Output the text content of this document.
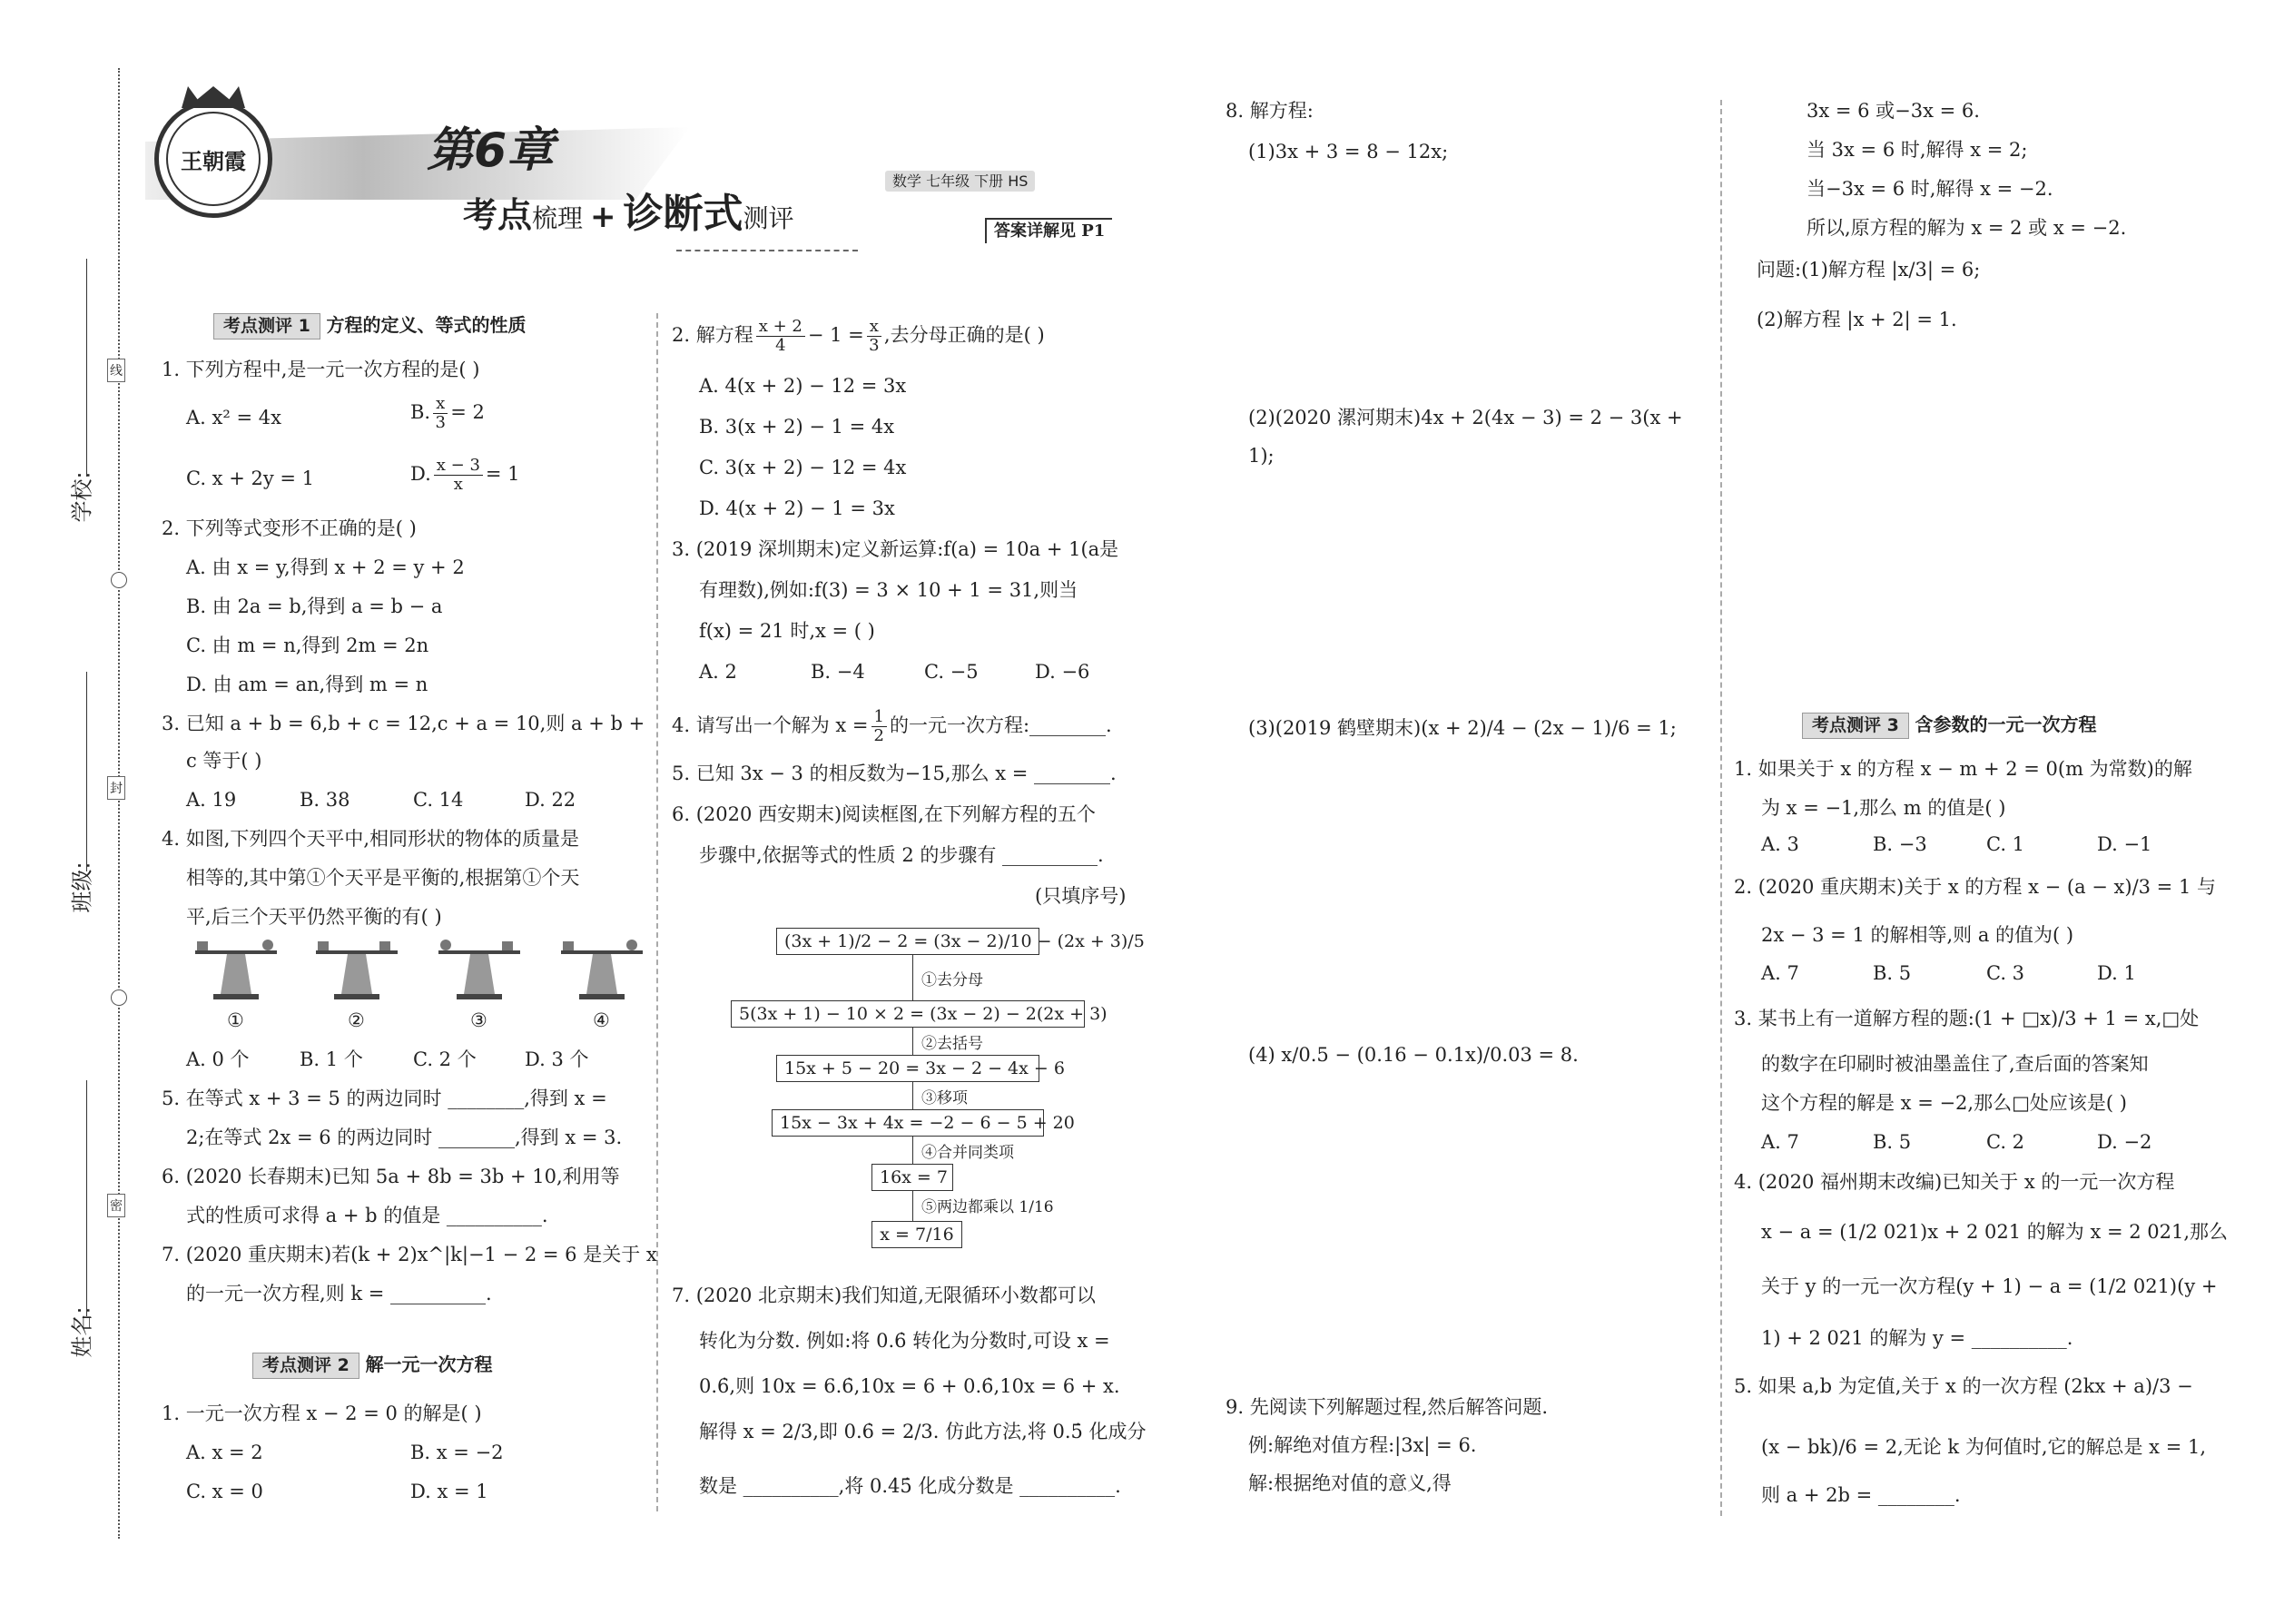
学校:
班级:
姓名:
线
封
密
王朝霞	第6章
考点梳理 + 诊断式测评
数学 七年级 下册 HS
答案详解见 P1
考点测评 1 方程的定义、等式的性质
1. 下列方程中,是一元一次方程的是( )
A. x² = 4x	B. $\frac{x}{3} = 2$
C. x + 2y = 1	D. $\frac{x - 3}{x} = 1$
2. 下列等式变形不正确的是( )
A. 由 x = y,得到 x + 2 = y + 2
B. 由 2a = b,得到 a = b − a
C. 由 m = n,得到 2m = 2n
D. 由 am = an,得到 m = n
3. 已知 a + b = 6,b + c = 12,c + a = 10,则 a + b +
c 等于( )
A. 19	B. 38	C. 14	D. 22
4. 如图,下列四个天平中,相同形状的物体的质量是
相等的,其中第①个天平是平衡的,根据第①个天
平,后三个天平仍然平衡的有( )
①	②	③	④
A. 0 个	B. 1 个	C. 2 个	D. 3 个
5. 在等式 x + 3 = 5 的两边同时 ________,得到 x =
2;在等式 2x = 6 的两边同时 ________,得到 x = 3.
6. (2020 长春期末)已知 5a + 8b = 3b + 10,利用等
式的性质可求得 a + b 的值是 __________.
7. (2020 重庆期末)若(k + 2)x^|k|−1 − 2 = 6 是关于 x
的一元一次方程,则 k = __________.
考点测评 2 解一元一次方程
1. 一元一次方程 x − 2 = 0 的解是( )
A. x = 2	B. x = −2
C. x = 0	D. x = 1
2. 解方程 $\frac{x + 2}{4} - 1 = \frac{x}{3}$ ,去分母正确的是( )
A. 4(x + 2) − 12 = 3x
B. 3(x + 2) − 1 = 4x
C. 3(x + 2) − 12 = 4x
D. 4(x + 2) − 1 = 3x
3. (2019 深圳期末)定义新运算:f(a) = 10a + 1(a是
有理数),例如:f(3) = 3 × 10 + 1 = 31,则当
f(x) = 21 时,x = ( )
A. 2	B. −4	C. −5	D. −6
4. 请写出一个解为 $x = \frac{1}{2}$ 的一元一次方程:________.
5. 已知 3x − 3 的相反数为−15,那么 x = ________.
6. (2020 西安期末)阅读框图,在下列解方程的五个
步骤中,依据等式的性质 2 的步骤有 __________.
(只填序号)
(3x + 1)/2 − 2 = (3x − 2)/10 − (2x + 3)/5
①去分母
5(3x + 1) − 10 × 2 = (3x − 2) − 2(2x + 3)
②去括号
15x + 5 − 20 = 3x − 2 − 4x − 6
③移项
15x − 3x + 4x = −2 − 6 − 5 + 20
④合并同类项
16x = 7
⑤两边都乘以 1/16
x = 7/16
7. (2020 北京期末)我们知道,无限循环小数都可以
转化为分数. 例如:将 0.6̇ 转化为分数时,可设 x =
0.6̇,则 10x = 6.6̇,10x = 6 + 0.6̇,10x = 6 + x.
解得 x = 2/3,即 0.6̇ = 2/3. 仿此方法,将 0.5̇ 化成分
数是 __________,将 0.4̇5̇ 化成分数是 __________.
8. 解方程:
(1)3x + 3 = 8 − 12x;
(2)(2020 漯河期末)4x + 2(4x − 3) = 2 − 3(x +
1);
(3)(2019 鹤壁期末)(x + 2)/4 − (2x − 1)/6 = 1;
(4) x/0.5 − (0.16 − 0.1x)/0.03 = 8.
9. 先阅读下列解题过程,然后解答问题.
例:解绝对值方程:|3x| = 6.
解:根据绝对值的意义,得
3x = 6 或−3x = 6.
当 3x = 6 时,解得 x = 2;
当−3x = 6 时,解得 x = −2.
所以,原方程的解为 x = 2 或 x = −2.
问题:(1)解方程 |x/3| = 6;
(2)解方程 |x + 2| = 1.
考点测评 3 含参数的一元一次方程
1. 如果关于 x 的方程 x − m + 2 = 0(m 为常数)的解
为 x = −1,那么 m 的值是( )
A. 3	B. −3	C. 1	D. −1
2. (2020 重庆期末)关于 x 的方程 x − (a − x)/3 = 1 与
2x − 3 = 1 的解相等,则 a 的值为( )
A. 7	B. 5	C. 3	D. 1
3. 某书上有一道解方程的题:(1 + □x)/3 + 1 = x,□处
的数字在印刷时被油墨盖住了,查后面的答案知
这个方程的解是 x = −2,那么□处应该是( )
A. 7	B. 5	C. 2	D. −2
4. (2020 福州期末改编)已知关于 x 的一元一次方程
x − a = (1/2 021)x + 2 021 的解为 x = 2 021,那么
关于 y 的一元一次方程(y + 1) − a = (1/2 021)(y +
1) + 2 021 的解为 y = __________.
5. 如果 a,b 为定值,关于 x 的一次方程 (2kx + a)/3 −
(x − bk)/6 = 2,无论 k 为何值时,它的解总是 x = 1,
则 a + 2b = ________.
